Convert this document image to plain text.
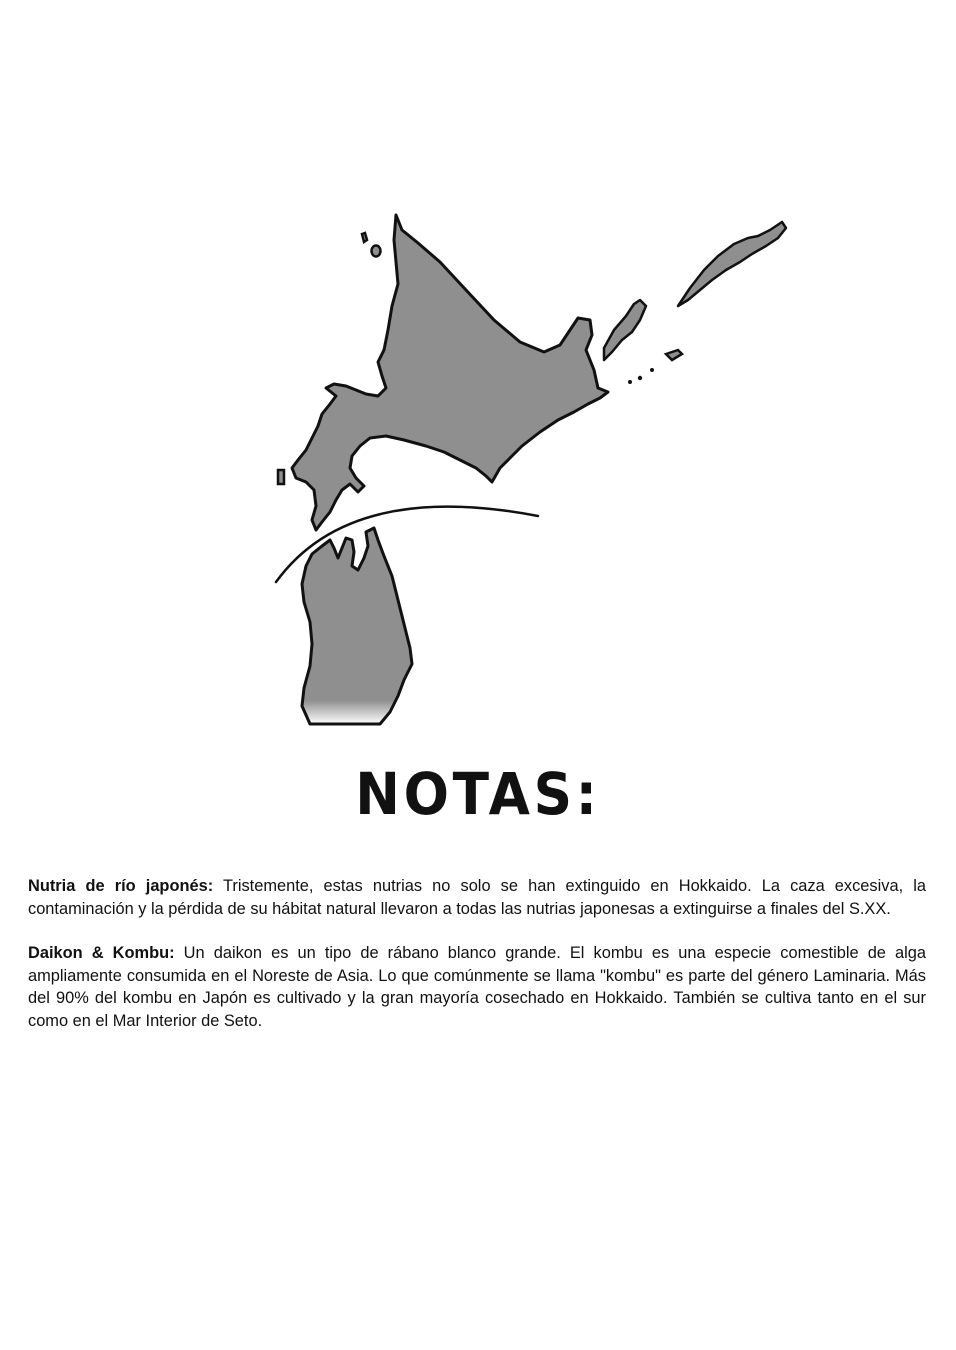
NOTAS:

Nutria de río japonés: Tristemente, estas nutrias no solo se han extinguido en Hokkaido. La caza excesiva, la contaminación y la pérdida de su hábitat natural llevaron a todas las nutrias japonesas a extinguirse a finales del S.XX.

Daikon & Kombu: Un daikon es un tipo de rábano blanco grande. El kombu es una especie comestible de alga ampliamente consumida en el Noreste de Asia. Lo que comúnmente se llama "kombu" es parte del género Laminaria. Más del 90% del kombu en Japón es cultivado y la gran mayoría cosechado en Hokkaido. También se cultiva tanto en el sur como en el Mar Interior de Seto.
